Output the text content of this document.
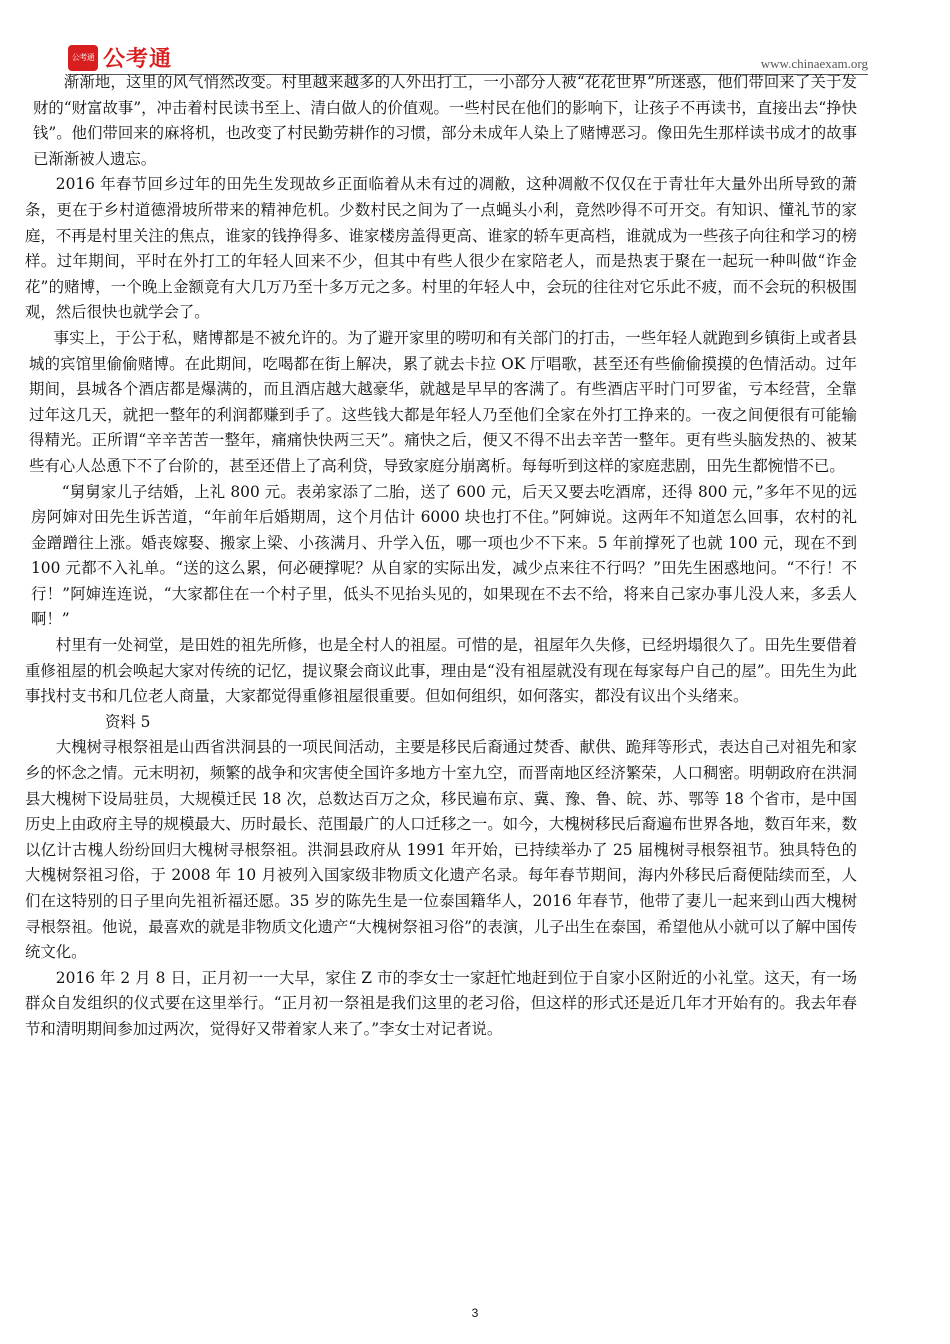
公考通 公考通	www.chinaexam.org

渐渐地，这里的风气悄然改变。村里越来越多的人外出打工，一小部分人被“花花世界”所迷惑，他们带回来了关于发财的“财富故事”，冲击着村民读书至上、清白做人的价值观。一些村民在他们的影响下，让孩子不再读书，直接出去“挣快钱”。他们带回来的麻将机，也改变了村民勤劳耕作的习惯，部分未成年人染上了赌博恶习。像田先生那样读书成才的故事已渐渐被人遗忘。

2016 年春节回乡过年的田先生发现故乡正面临着从未有过的凋敝，这种凋敝不仅仅在于青壮年大量外出所导致的萧条，更在于乡村道德滑坡所带来的精神危机。少数村民之间为了一点蝇头小利，竟然吵得不可开交。有知识、懂礼节的家庭，不再是村里关注的焦点，谁家的钱挣得多、谁家楼房盖得更高、谁家的轿车更高档，谁就成为一些孩子向往和学习的榜样。过年期间，平时在外打工的年轻人回来不少，但其中有些人很少在家陪老人，而是热衷于聚在一起玩一种叫做“诈金花”的赌博，一个晚上金额竟有大几万乃至十多万元之多。村里的年轻人中，会玩的往往对它乐此不疲，而不会玩的积极围观，然后很快也就学会了。

事实上，于公于私，赌博都是不被允许的。为了避开家里的唠叨和有关部门的打击，一些年轻人就跑到乡镇街上或者县城的宾馆里偷偷赌博。在此期间，吃喝都在街上解决，累了就去卡拉 OK 厅唱歌，甚至还有些偷偷摸摸的色情活动。过年期间，县城各个酒店都是爆满的，而且酒店越大越豪华，就越是早早的客满了。有些酒店平时门可罗雀，亏本经营，全靠过年这几天，就把一整年的利润都赚到手了。这些钱大都是年轻人乃至他们全家在外打工挣来的。一夜之间便很有可能输得精光。正所谓“辛辛苦苦一整年，痛痛快快两三天”。痛快之后，便又不得不出去辛苦一整年。更有些头脑发热的、被某些有心人怂恿下不了台阶的，甚至还借上了高利贷，导致家庭分崩离析。每每听到这样的家庭悲剧，田先生都惋惜不已。

“舅舅家儿子结婚，上礼 800 元。表弟家添了二胎，送了 600 元，后天又要去吃酒席，还得 800 元，”多年不见的远房阿婶对田先生诉苦道，“年前年后婚期周，这个月估计 6000 块也打不住。”阿婶说。这两年不知道怎么回事，农村的礼金蹭蹭往上涨。婚丧嫁娶、搬家上梁、小孩满月、升学入伍，哪一项也少不下来。5 年前撑死了也就 100 元，现在不到 100 元都不入礼单。“送的这么累，何必硬撑呢？从自家的实际出发，减少点来往不行吗？”田先生困惑地问。“不行！不行！”阿婶连连说，“大家都住在一个村子里，低头不见抬头见的，如果现在不去不给，将来自己家办事儿没人来，多丢人啊！”

村里有一处祠堂，是田姓的祖先所修，也是全村人的祖屋。可惜的是，祖屋年久失修，已经坍塌很久了。田先生要借着重修祖屋的机会唤起大家对传统的记忆，提议聚会商议此事，理由是“没有祖屋就没有现在每家每户自己的屋”。田先生为此事找村支书和几位老人商量，大家都觉得重修祖屋很重要。但如何组织，如何落实，都没有议出个头绪来。

资料 5

大槐树寻根祭祖是山西省洪洞县的一项民间活动，主要是移民后裔通过焚香、献供、跪拜等形式，表达自己对祖先和家乡的怀念之情。元末明初，频繁的战争和灾害使全国许多地方十室九空，而晋南地区经济繁荣，人口稠密。明朝政府在洪洞县大槐树下设局驻员，大规模迁民 18 次，总数达百万之众，移民遍布京、冀、豫、鲁、皖、苏、鄂等 18 个省市，是中国历史上由政府主导的规模最大、历时最长、范围最广的人口迁移之一。如今，大槐树移民后裔遍布世界各地，数百年来，数以亿计古槐人纷纷回归大槐树寻根祭祖。洪洞县政府从 1991 年开始，已持续举办了 25 届槐树寻根祭祖节。独具特色的大槐树祭祖习俗，于 2008 年 10 月被列入国家级非物质文化遗产名录。每年春节期间，海内外移民后裔便陆续而至，人们在这特别的日子里向先祖祈福还愿。35 岁的陈先生是一位泰国籍华人，2016 年春节，他带了妻儿一起来到山西大槐树寻根祭祖。他说，最喜欢的就是非物质文化遗产“大槐树祭祖习俗”的表演，儿子出生在泰国，希望他从小就可以了解中国传统文化。

2016 年 2 月 8 日，正月初一一大早，家住 Z 市的李女士一家赶忙地赶到位于自家小区附近的小礼堂。这天，有一场群众自发组织的仪式要在这里举行。“正月初一祭祖是我们这里的老习俗，但这样的形式还是近几年才开始有的。我去年春节和清明期间参加过两次，觉得好又带着家人来了。”李女士对记者说。

3
